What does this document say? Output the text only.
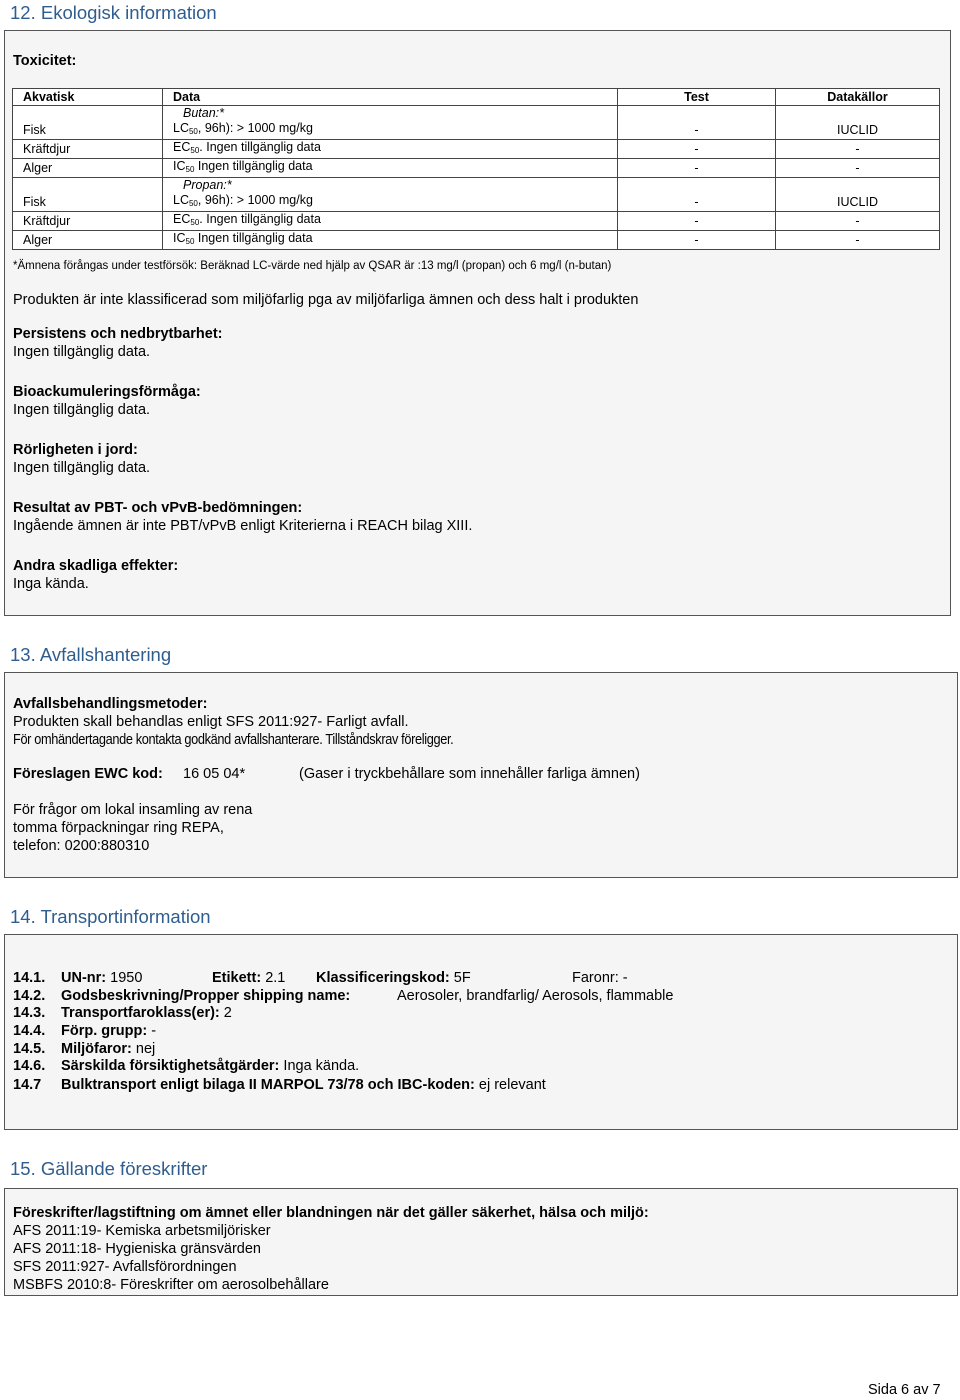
12. Ekologisk information
Toxicitet:
Akvatisk	Data	Test	Datakällor
	Butan:*		
Fisk	$LC_{50}$, 96h): > 1000 mg/kg	-	IUCLID
Kräftdjur	$EC_{50}$. Ingen tillgänglig data	-	-
Alger	$IC_{50}$ Ingen tillgänglig data	-	-
	Propan:*		
Fisk	$LC_{50}$, 96h): > 1000 mg/kg	-	IUCLID
Kräftdjur	$EC_{50}$. Ingen tillgänglig data	-	-
Alger	$IC_{50}$ Ingen tillgänglig data	-	-
*Ämnena förångas under testförsök: Beräknad LC-värde ned hjälp av QSAR är :13 mg/l (propan) och 6 mg/l (n-butan)
Produkten är inte klassificerad som miljöfarlig pga av miljöfarliga ämnen och dess halt i produkten
Persistens och nedbrytbarhet:
Ingen tillgänglig data.
Bioackumuleringsförmåga:
Ingen tillgänglig data.
Rörligheten i jord:
Ingen tillgänglig data.
Resultat av PBT- och vPvB-bedömningen:
Ingående ämnen är inte PBT/vPvB enligt Kriterierna i REACH bilag XIII.
Andra skadliga effekter:
Inga kända.
13. Avfallshantering
Avfallsbehandlingsmetoder:
Produkten skall behandlas enligt SFS 2011:927- Farligt avfall.
För omhändertagande kontakta godkänd avfallshanterare. Tillståndskrav föreligger.
Föreslagen EWC kod: 16 05 04*	(Gaser i tryckbehållare som innehåller farliga ämnen)
För frågor om lokal insamling av rena
tomma förpackningar ring REPA,
telefon: 0200:880310
14. Transportinformation
14.1. UN-nr: 1950	Etikett: 2.1 Klassificeringskod: 5F	Faronr: -
14.2. Godsbeskrivning/Propper shipping name:	Aerosoler, brandfarlig/ Aerosols, flammable
14.3. Transportfaroklass(er): 2
14.4. Förp. grupp: -
14.5. Miljöfaror: nej
14.6. Särskilda försiktighetsåtgärder: Inga kända.
14.7 Bulktransport enligt bilaga II MARPOL 73/78 och IBC-koden: ej relevant
15. Gällande föreskrifter
Föreskrifter/lagstiftning om ämnet eller blandningen när det gäller säkerhet, hälsa och miljö:
AFS 2011:19- Kemiska arbetsmiljörisker
AFS 2011:18- Hygieniska gränsvärden
SFS 2011:927- Avfallsförordningen
MSBFS 2010:8- Föreskrifter om aerosolbehållare
Sida 6 av 7
